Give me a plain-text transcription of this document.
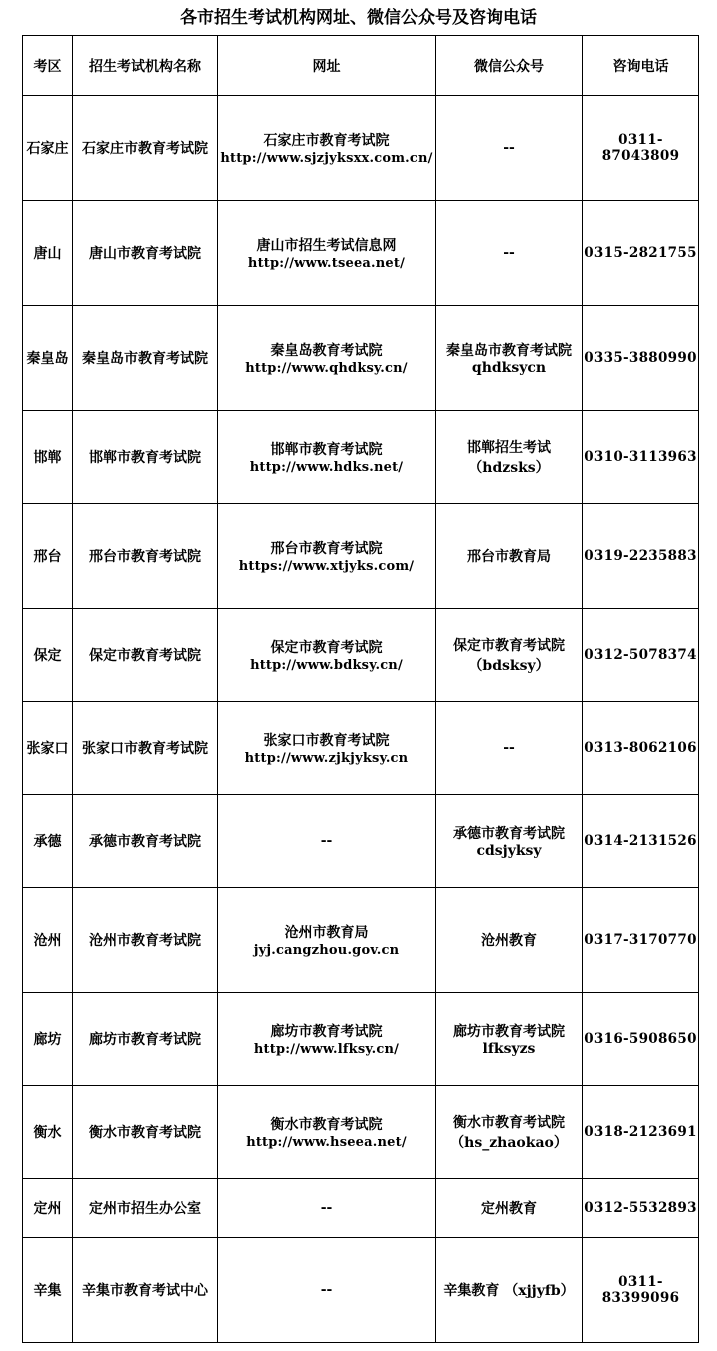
各市招生考试机构网址、微信公众号及咨询电话
考区	招生考试机构名称	网址	微信公众号	咨询电话
石家庄	石家庄市教育考试院	石家庄市教育考试院 http://www.sjzjyksxx.com.cn/	--	0311-87043809
唐山	唐山市教育考试院	唐山市招生考试信息网 http://www.tseea.net/	--	0315-2821755
秦皇岛	秦皇岛市教育考试院	秦皇岛教育考试院 http://www.qhdksy.cn/	秦皇岛市教育考试院 qhdksycn	0335-3880990
邯郸	邯郸市教育考试院	邯郸市教育考试院 http://www.hdks.net/	邯郸招生考试 （hdzsks）	0310-3113963
邢台	邢台市教育考试院	邢台市教育考试院 https://www.xtjyks.com/	邢台市教育局	0319-2235883
保定	保定市教育考试院	保定市教育考试院 http://www.bdksy.cn/	保定市教育考试院 （bdsksy）	0312-5078374
张家口	张家口市教育考试院	张家口市教育考试院 http://www.zjkjyksy.cn	--	0313-8062106
承德	承德市教育考试院	--	承德市教育考试院 cdsjyksy	0314-2131526
沧州	沧州市教育考试院	沧州市教育局 jyj.cangzhou.gov.cn	沧州教育	0317-3170770
廊坊	廊坊市教育考试院	廊坊市教育考试院 http://www.lfksy.cn/	廊坊市教育考试院 lfksyzs	0316-5908650
衡水	衡水市教育考试院	衡水市教育考试院 http://www.hseea.net/	衡水市教育考试院 （hs_zhaokao）	0318-2123691
定州	定州市招生办公室	--	定州教育	0312-5532893
辛集	辛集市教育考试中心	--	辛集教育 （xjjyfb）	0311-83399096
